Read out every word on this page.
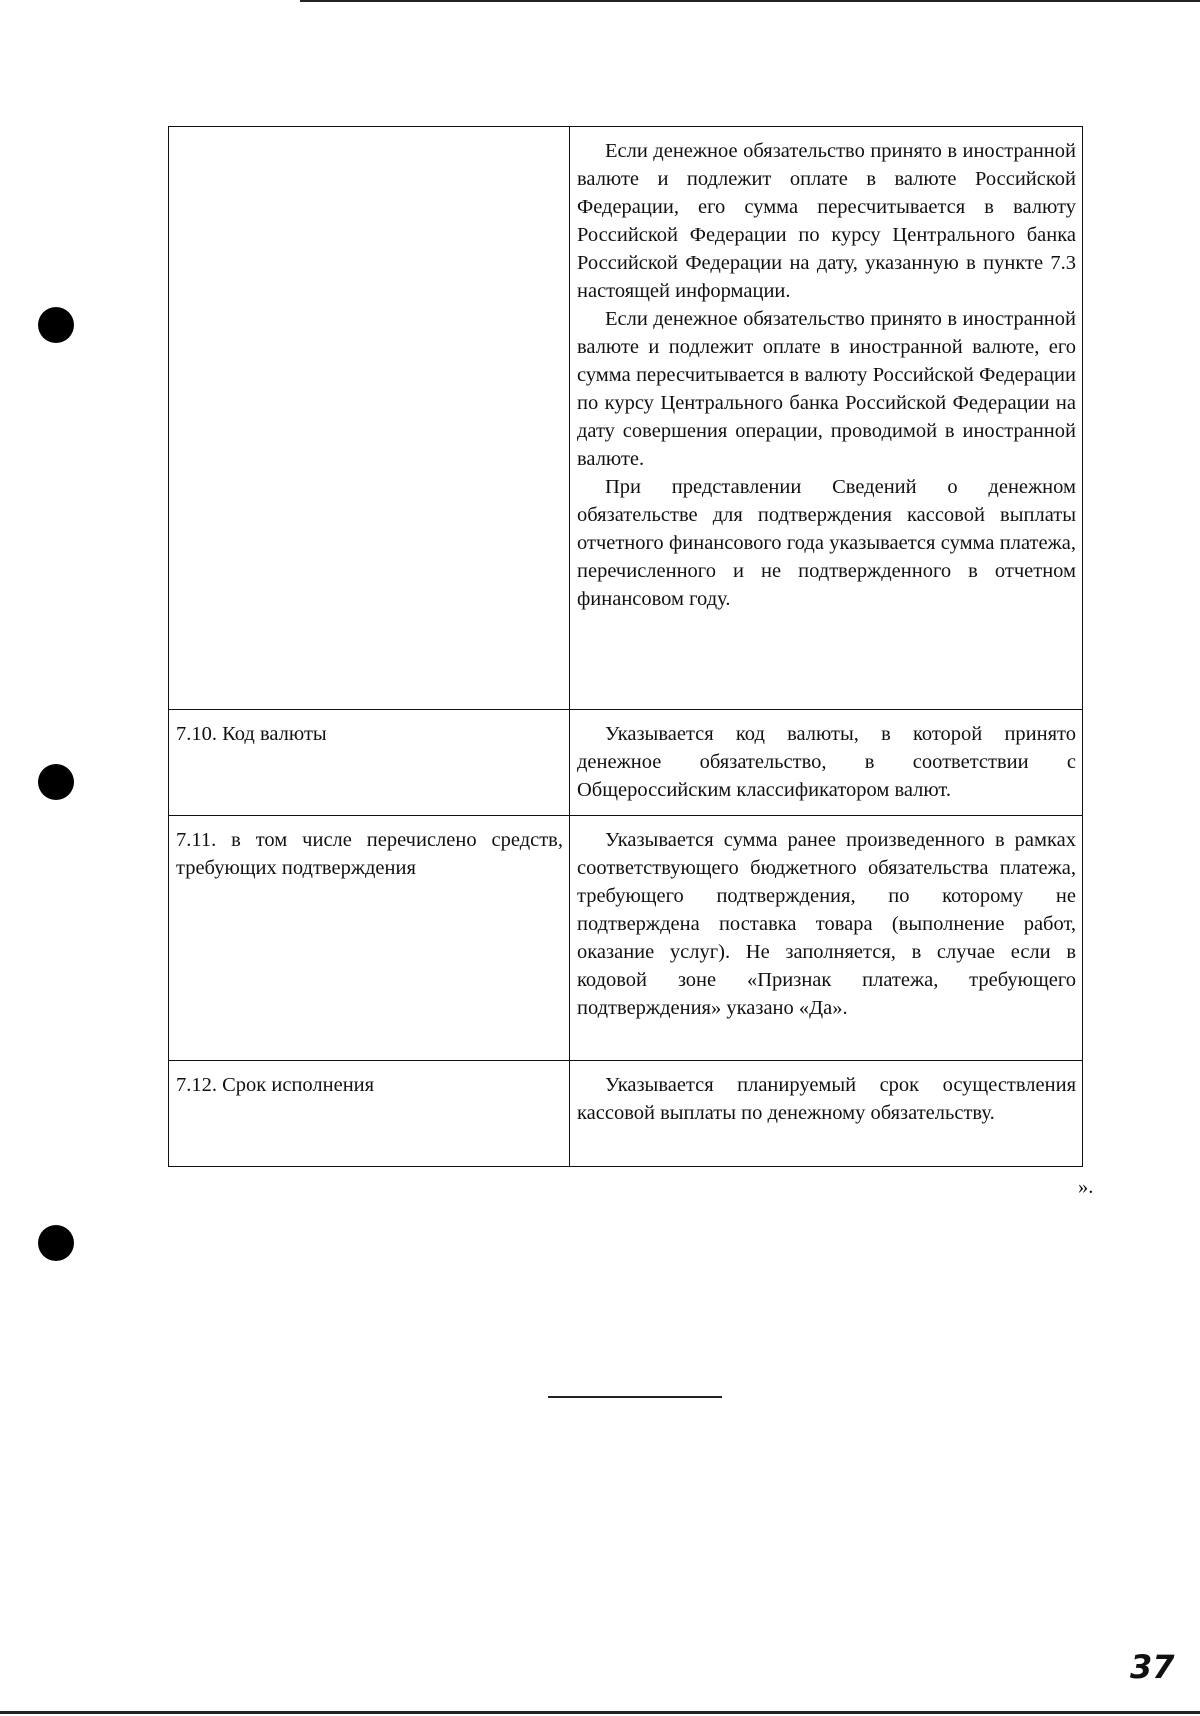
	Если денежное обязательство принято в иностранной валюте и подлежит оплате в валюте Российской Федерации, его сумма пересчитывается в валюту Российской Федерации по курсу Центрального банка Российской Федерации на дату, указанную в пункте 7.3 настоящей информации.

Если денежное обязательство принято в иностранной валюте и подлежит оплате в иностранной валюте, его сумма пересчитывается в валюту Российской Федерации по курсу Центрального банка Российской Федерации на дату совершения операции, проводимой в иностранной валюте.

При представлении Сведений о денежном обязательстве для подтверждения кассовой выплаты отчетного финансового года указывается сумма платежа, перечисленного и не подтвержденного в отчетном финансовом году.

7.10. Код валюты	Указывается код валюты, в которой принято денежное обязательство, в соответствии с Общероссийским классификатором валют.

7.11. в том числе перечислено средств, требующих подтверждения	Указывается сумма ранее произведенного в рамках соответствующего бюджетного обязательства платежа, требующего подтверждения, по которому не подтверждена поставка товара (выполнение работ, оказание услуг). Не заполняется, в случае если в кодовой зоне «Признак платежа, требующего подтверждения» указано «Да».

7.12. Срок исполнения	Указывается планируемый срок осуществления кассовой выплаты по денежному обязательству.

».
37
